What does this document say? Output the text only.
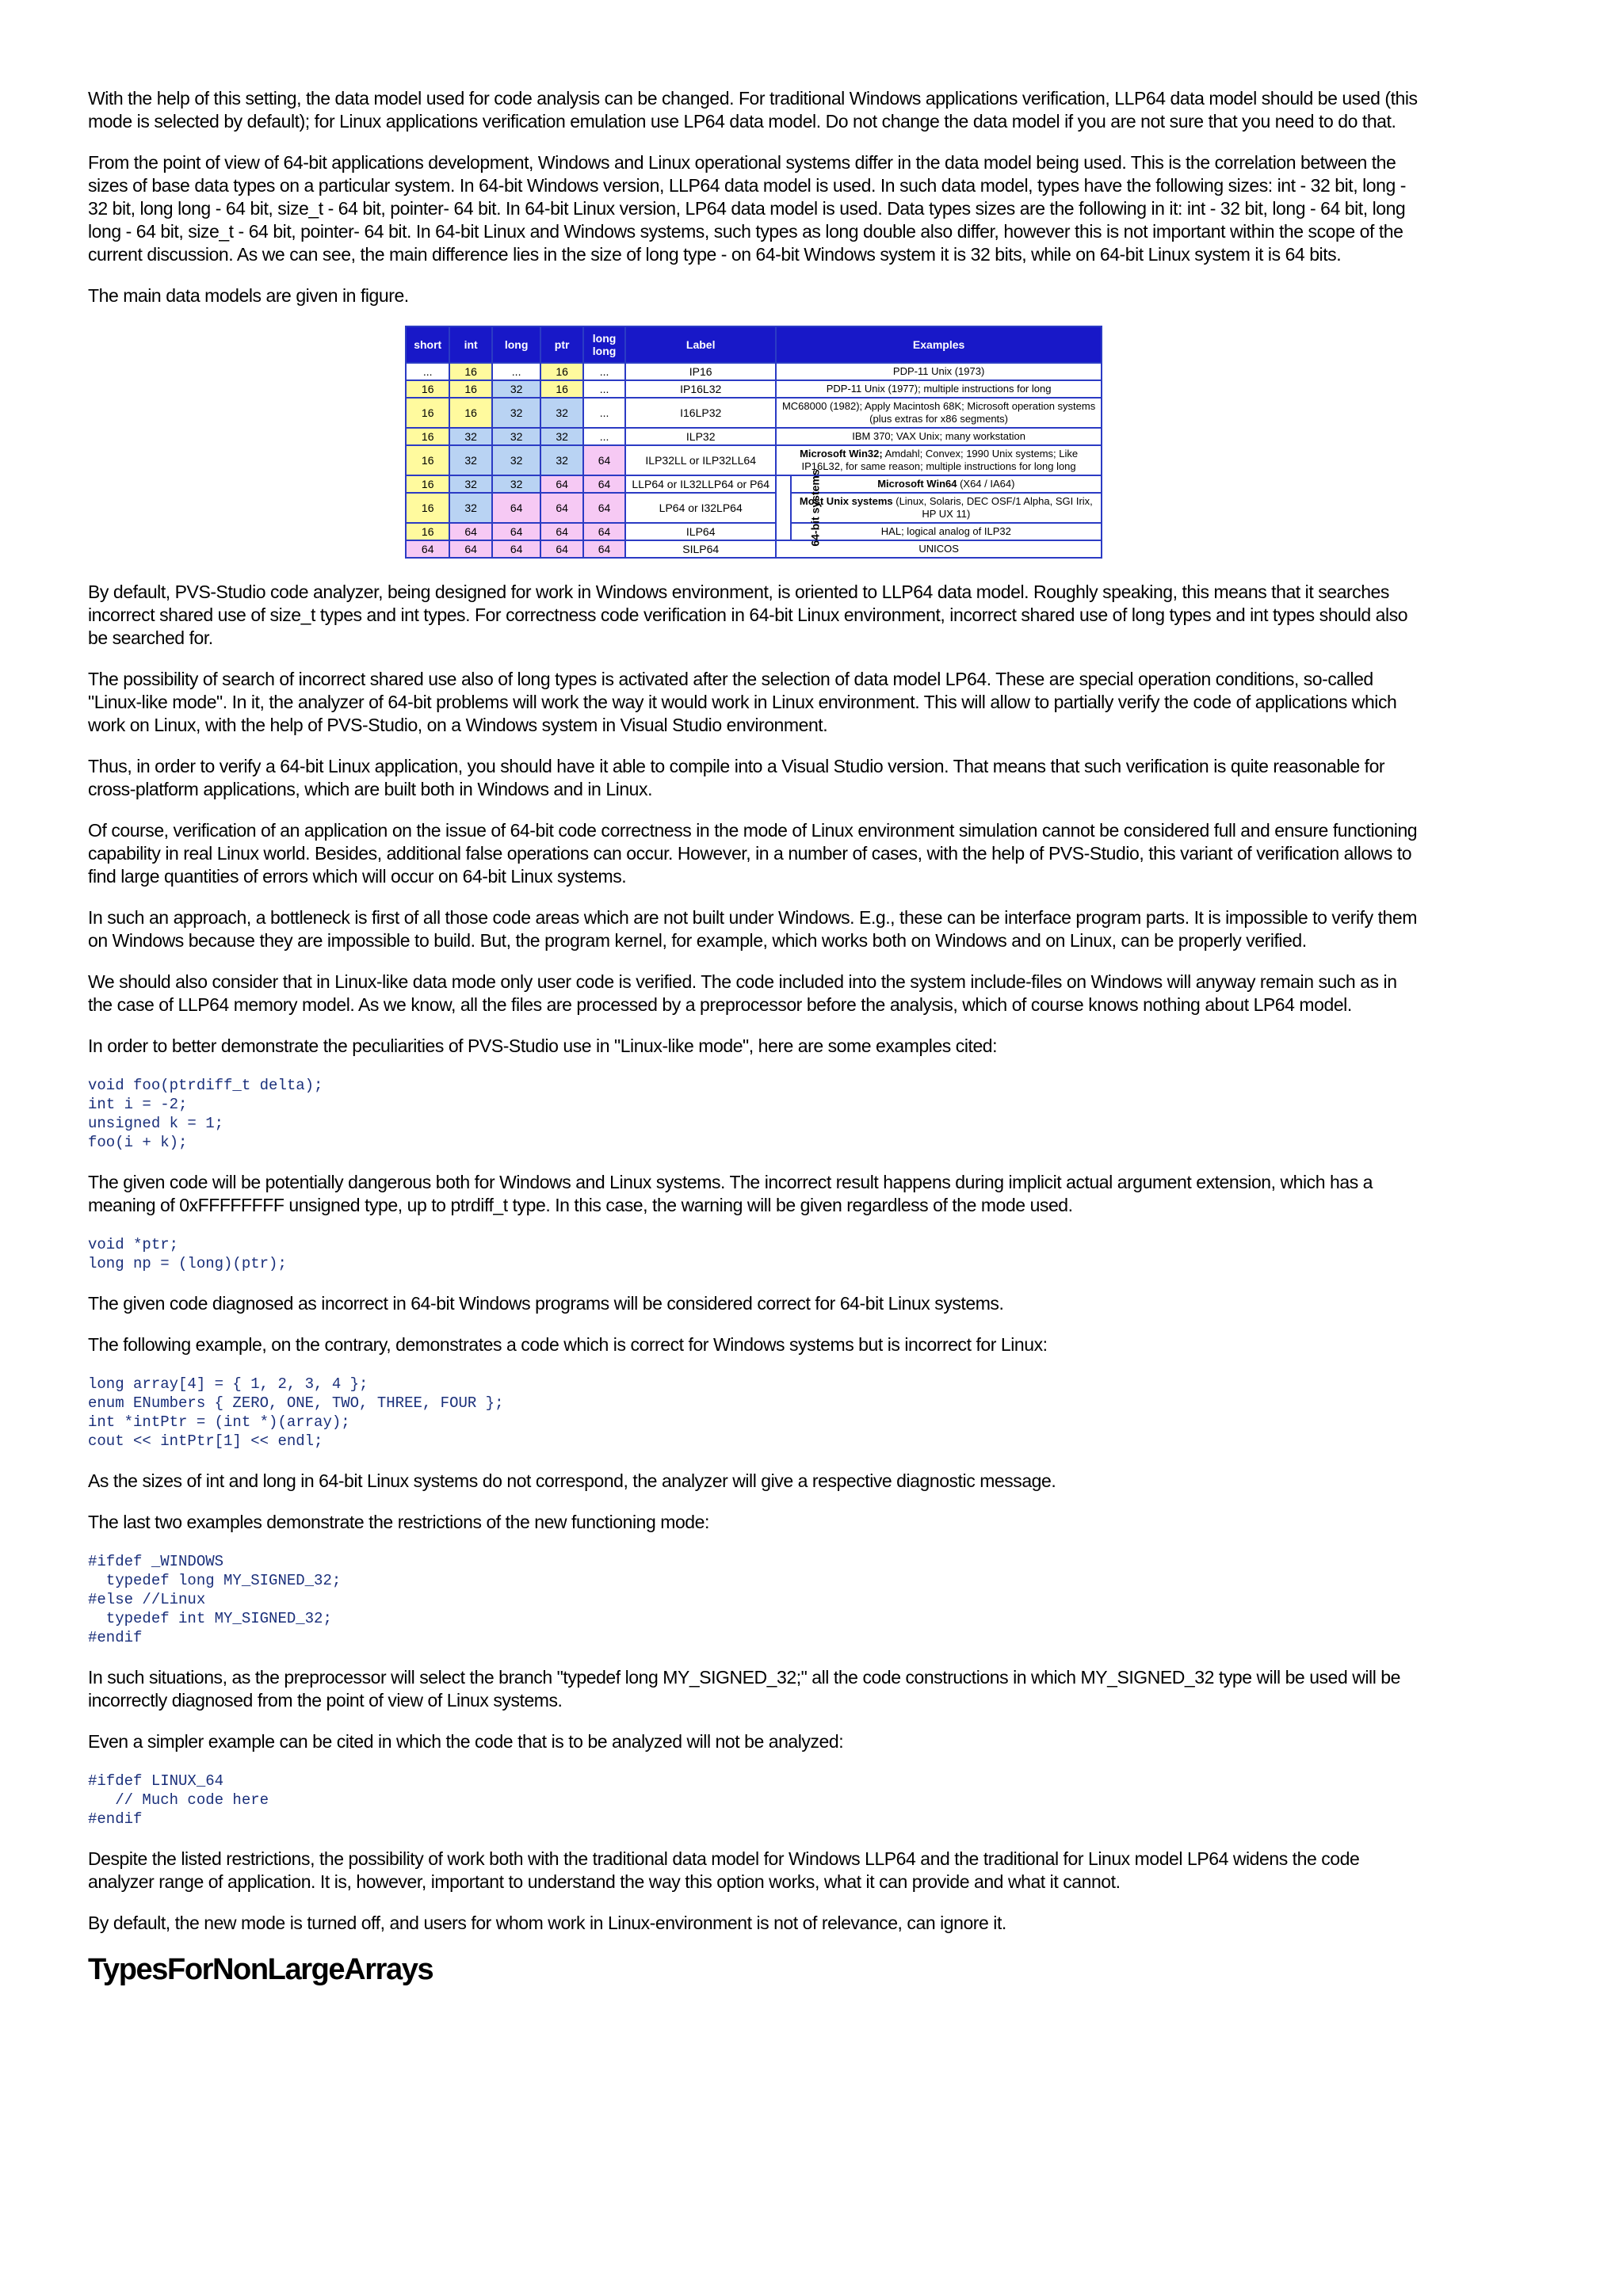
With the help of this setting, the data model used for code analysis can be changed. For traditional Windows applications verification, LLP64 data model should be used (this mode is selected by default); for Linux applications verification emulation use LP64 data model. Do not change the data model if you are not sure that you need to do that.

From the point of view of 64-bit applications development, Windows and Linux operational systems differ in the data model being used. This is the correlation between the sizes of base data types on a particular system. In 64-bit Windows version, LLP64 data model is used. In such data model, types have the following sizes: int - 32 bit, long - 32 bit, long long - 64 bit, size_t - 64 bit, pointer- 64 bit. In 64-bit Linux version, LP64 data model is used. Data types sizes are the following in it: int - 32 bit, long - 64 bit, long long - 64 bit, size_t - 64 bit, pointer- 64 bit. In 64-bit Linux and Windows systems, such types as long double also differ, however this is not important within the scope of the current discussion. As we can see, the main difference lies in the size of long type - on 64-bit Windows system it is 32 bits, while on 64-bit Linux system it is 64 bits.

The main data models are given in figure.

short	int	long	ptr	long long	Label	Examples	
...	16	...	16	...	IP16	PDP-11 Unix (1973)	
16	16	32	16	...	IP16L32	PDP-11 Unix (1977); multiple instructions for long	
16	16	32	32	...	I16LP32	MC68000 (1982); Apply Macintosh 68K; Microsoft operation systems (plus extras for x86 segments)	
16	32	32	32	...	ILP32	IBM 370; VAX Unix; many workstation	
16	32	32	32	64	ILP32LL or ILP32LL64	Microsoft Win32; Amdahl; Convex; 1990 Unix systems; Like IP16L32, for same reason; multiple instructions for long long	
16	32	32	64	64	LLP64 or IL32LLP64 or P64	64-bit systems	Microsoft Win64 (X64 / IA64)
16	32	64	64	64	LP64 or I32LP64		Most Unix systems (Linux, Solaris, DEC OSF/1 Alpha, SGI Irix, HP UX 11)
16	64	64	64	64	ILP64		HAL; logical analog of ILP32
64	64	64	64	64	SILP64	UNICOS	

By default, PVS-Studio code analyzer, being designed for work in Windows environment, is oriented to LLP64 data model. Roughly speaking, this means that it searches incorrect shared use of size_t types and int types. For correctness code verification in 64-bit Linux environment, incorrect shared use of long types and int types should also be searched for.

The possibility of search of incorrect shared use also of long types is activated after the selection of data model LP64. These are special operation conditions, so-called "Linux-like mode". In it, the analyzer of 64-bit problems will work the way it would work in Linux environment. This will allow to partially verify the code of applications which work on Linux, with the help of PVS-Studio, on a Windows system in Visual Studio environment.

Thus, in order to verify a 64-bit Linux application, you should have it able to compile into a Visual Studio version. That means that such verification is quite reasonable for cross-platform applications, which are built both in Windows and in Linux.

Of course, verification of an application on the issue of 64-bit code correctness in the mode of Linux environment simulation cannot be considered full and ensure functioning capability in real Linux world. Besides, additional false operations can occur. However, in a number of cases, with the help of PVS-Studio, this variant of verification allows to find large quantities of errors which will occur on 64-bit Linux systems.

In such an approach, a bottleneck is first of all those code areas which are not built under Windows. E.g., these can be interface program parts. It is impossible to verify them on Windows because they are impossible to build. But, the program kernel, for example, which works both on Windows and on Linux, can be properly verified.

We should also consider that in Linux-like data mode only user code is verified. The code included into the system include-files on Windows will anyway remain such as in the case of LLP64 memory model. As we know, all the files are processed by a preprocessor before the analysis, which of course knows nothing about LP64 model.

In order to better demonstrate the peculiarities of PVS-Studio use in "Linux-like mode", here are some examples cited:

void foo(ptrdiff_t delta);
int i = -2;
unsigned k = 1;
foo(i + k);

The given code will be potentially dangerous both for Windows and Linux systems. The incorrect result happens during implicit actual argument extension, which has a meaning of 0xFFFFFFFF unsigned type, up to ptrdiff_t type. In this case, the warning will be given regardless of the mode used.

void *ptr;
long np = (long)(ptr);

The given code diagnosed as incorrect in 64-bit Windows programs will be considered correct for 64-bit Linux systems.

The following example, on the contrary, demonstrates a code which is correct for Windows systems but is incorrect for Linux:

long array[4] = { 1, 2, 3, 4 };
enum ENumbers { ZERO, ONE, TWO, THREE, FOUR };
int *intPtr = (int *)(array);
cout << intPtr[1] << endl;

As the sizes of int and long in 64-bit Linux systems do not correspond, the analyzer will give a respective diagnostic message.

The last two examples demonstrate the restrictions of the new functioning mode:

#ifdef _WINDOWS
typedef long MY_SIGNED_32;
#else //Linux
typedef int MY_SIGNED_32;
#endif

In such situations, as the preprocessor will select the branch "typedef long MY_SIGNED_32;" all the code constructions in which MY_SIGNED_32 type will be used will be incorrectly diagnosed from the point of view of Linux systems.

Even a simpler example can be cited in which the code that is to be analyzed will not be analyzed:

#ifdef LINUX_64
// Much code here
#endif

Despite the listed restrictions, the possibility of work both with the traditional data model for Windows LLP64 and the traditional for Linux model LP64 widens the code analyzer range of application. It is, however, important to understand the way this option works, what it can provide and what it cannot.

By default, the new mode is turned off, and users for whom work in Linux-environment is not of relevance, can ignore it.

TypesForNonLargeArrays
